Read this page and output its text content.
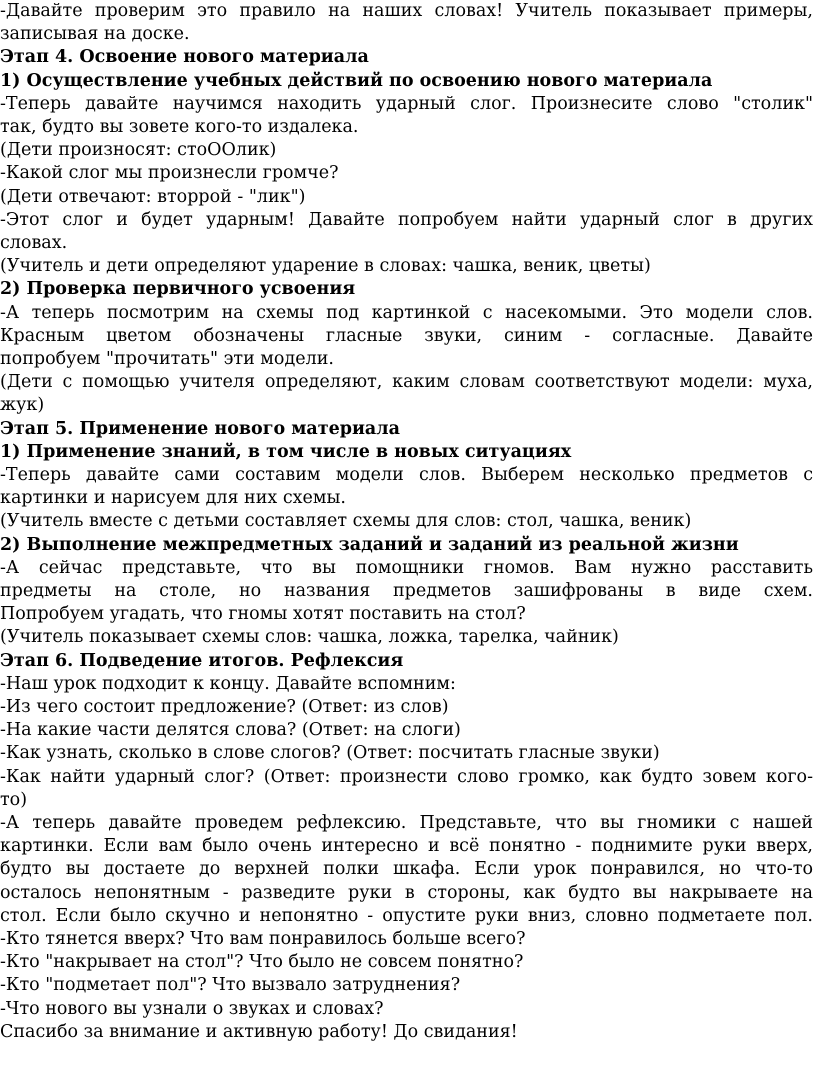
-Давайте проверим это правило на наших словах! Учитель показывает примеры,
записывая на доске.
Этап 4. Освоение нового материала
1) Осуществление учебных действий по освоению нового материала
-Теперь давайте научимся находить ударный слог. Произнесите слово "столик"
так, будто вы зовете кого-то издалека.
(Дети произносят: стоООлик)
-Какой слог мы произнесли громче?
(Дети отвечают: вторрой - "лик")
-Этот слог и будет ударным! Давайте попробуем найти ударный слог в других
словах.
(Учитель и дети определяют ударение в словах: чашка, веник, цветы)
2) Проверка первичного усвоения
-А теперь посмотрим на схемы под картинкой с насекомыми. Это модели слов.
Красным цветом обозначены гласные звуки, синим - согласные. Давайте
попробуем "прочитать" эти модели.
(Дети с помощью учителя определяют, каким словам соответствуют модели: муха,
жук)
Этап 5. Применение нового материала
1) Применение знаний, в том числе в новых ситуациях
-Теперь давайте сами составим модели слов. Выберем несколько предметов с
картинки и нарисуем для них схемы.
(Учитель вместе с детьми составляет схемы для слов: стол, чашка, веник)
2) Выполнение межпредметных заданий и заданий из реальной жизни
-А сейчас представьте, что вы помощники гномов. Вам нужно расставить
предметы на столе, но названия предметов зашифрованы в виде схем.
Попробуем угадать, что гномы хотят поставить на стол?
(Учитель показывает схемы слов: чашка, ложка, тарелка, чайник)
Этап 6. Подведение итогов. Рефлексия
-Наш урок подходит к концу. Давайте вспомним:
-Из чего состоит предложение? (Ответ: из слов)
-На какие части делятся слова? (Ответ: на слоги)
-Как узнать, сколько в слове слогов? (Ответ: посчитать гласные звуки)
-Как найти ударный слог? (Ответ: произнести слово громко, как будто зовем кого-
то)
-А теперь давайте проведем рефлексию. Представьте, что вы гномики с нашей
картинки. Если вам было очень интересно и всё понятно - поднимите руки вверх,
будто вы достаете до верхней полки шкафа. Если урок понравился, но что-то
осталось непонятным - разведите руки в стороны, как будто вы накрываете на
стол. Если было скучно и непонятно - опустите руки вниз, словно подметаете пол.
-Кто тянется вверх? Что вам понравилось больше всего?
-Кто "накрывает на стол"? Что было не совсем понятно?
-Кто "подметает пол"? Что вызвало затруднения?
-Что нового вы узнали о звуках и словах?
Спасибо за внимание и активную работу! До свидания!
